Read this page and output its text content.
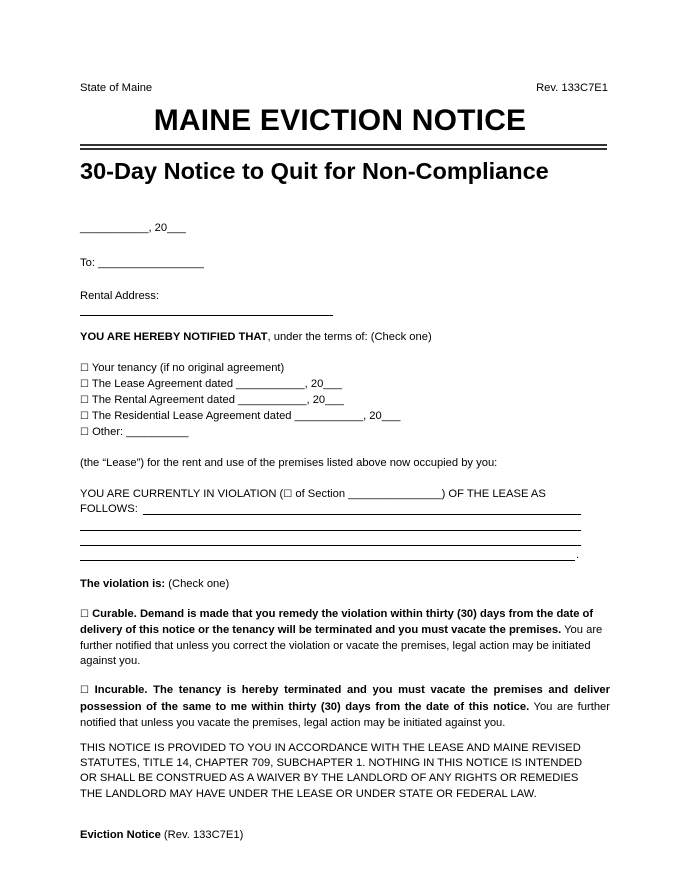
State of Maine	Rev. 133C7E1
MAINE EVICTION NOTICE
30-Day Notice to Quit for Non-Compliance
___________, 20___
To: _________________
Rental Address:
YOU ARE HEREBY NOTIFIED THAT, under the terms of: (Check one)
☐ Your tenancy (if no original agreement)
☐ The Lease Agreement dated ___________, 20___
☐ The Rental Agreement dated ___________, 20___
☐ The Residential Lease Agreement dated ___________, 20___
☐ Other: __________
(the “Lease”) for the rent and use of the premises listed above now occupied by you:
YOU ARE CURRENTLY IN VIOLATION (☐ of Section _______________) OF THE LEASE AS
FOLLOWS:
.
The violation is: (Check one)
☐ Curable. Demand is made that you remedy the violation within thirty (30) days from the date of delivery of this notice or the tenancy will be terminated and you must vacate the premises. You are further notified that unless you correct the violation or vacate the premises, legal action may be initiated against you.
☐ Incurable. The tenancy is hereby terminated and you must vacate the premises and deliver possession of the same to me within thirty (30) days from the date of this notice. You are further notified that unless you vacate the premises, legal action may be initiated against you.
THIS NOTICE IS PROVIDED TO YOU IN ACCORDANCE WITH THE LEASE AND MAINE REVISED STATUTES, TITLE 14, CHAPTER 709, SUBCHAPTER 1. NOTHING IN THIS NOTICE IS INTENDED OR SHALL BE CONSTRUED AS A WAIVER BY THE LANDLORD OF ANY RIGHTS OR REMEDIES THE LANDLORD MAY HAVE UNDER THE LEASE OR UNDER STATE OR FEDERAL LAW.
Eviction Notice (Rev. 133C7E1)
